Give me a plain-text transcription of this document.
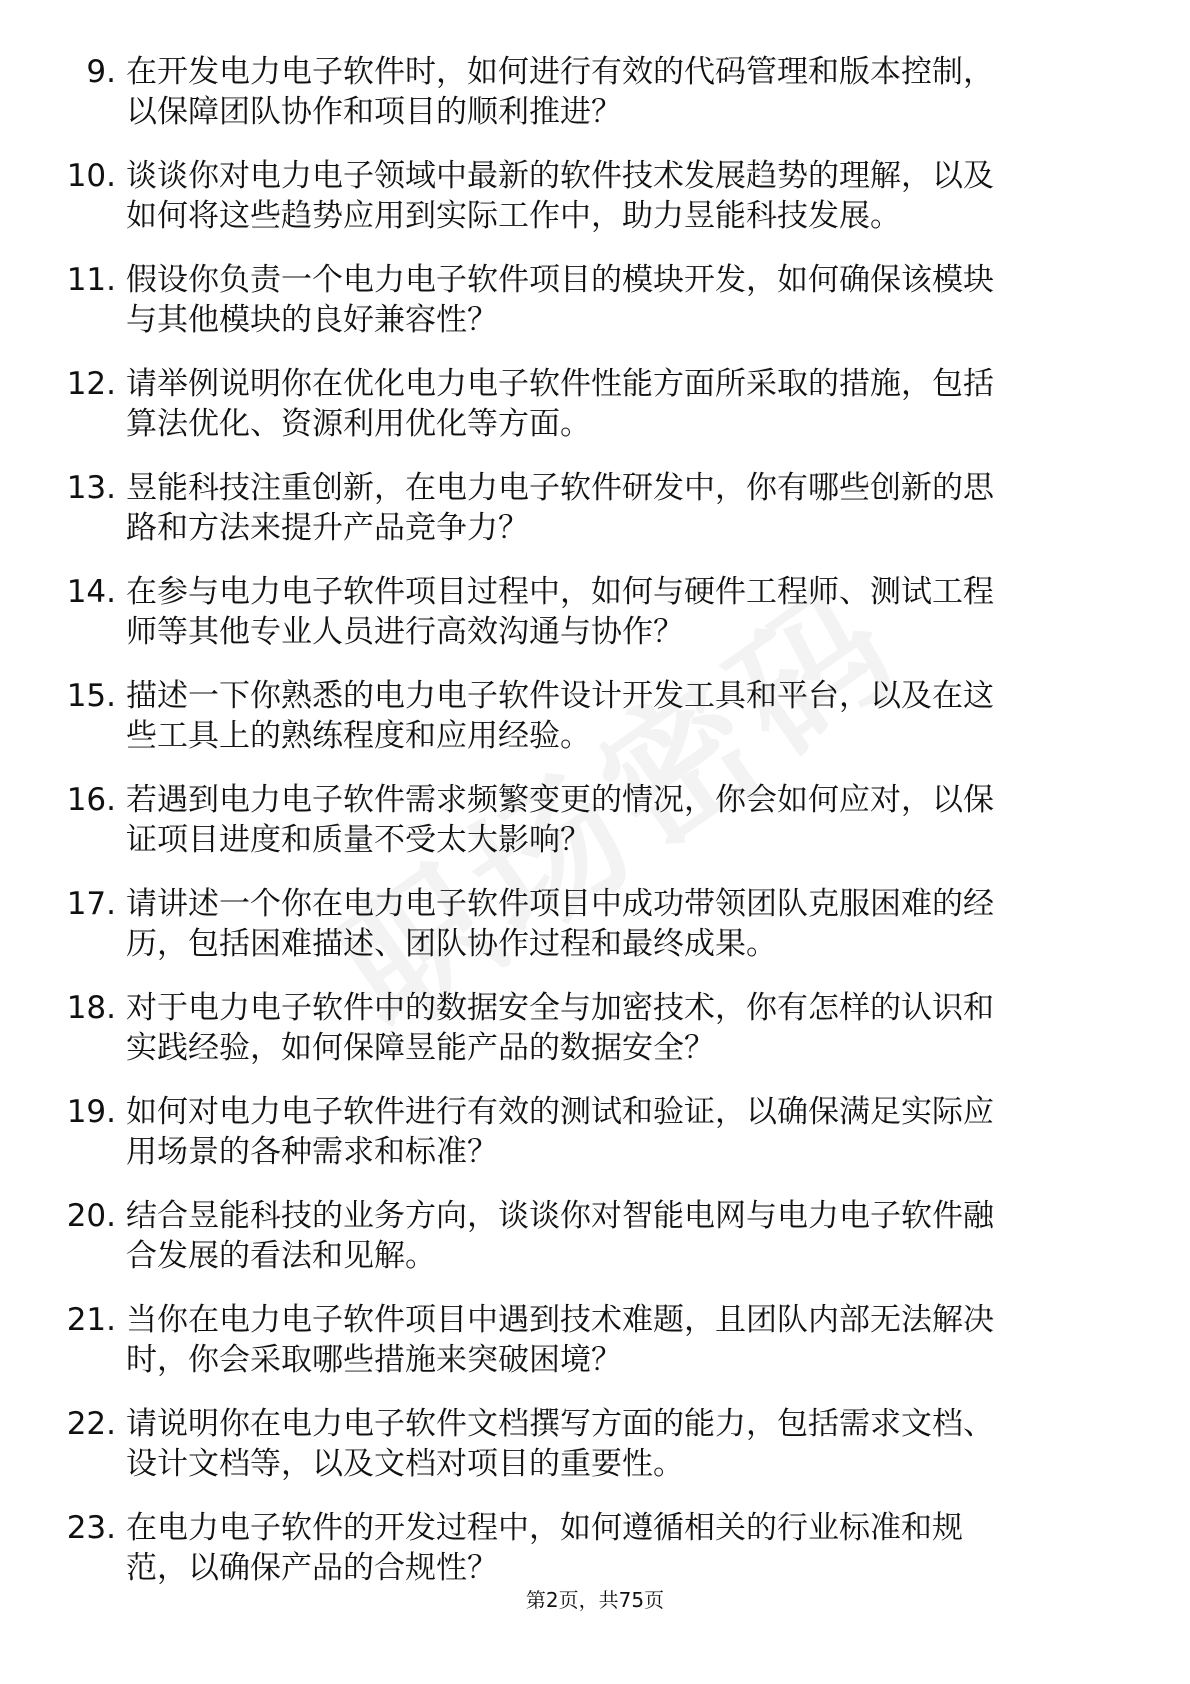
9. 在开发电力电子软件时，如何进行有效的代码管理和版本控制，
以保障团队协作和项目的顺利推进？
10. 谈谈你对电力电子领域中最新的软件技术发展趋势的理解，以及
如何将这些趋势应用到实际工作中，助力昱能科技发展。
11. 假设你负责一个电力电子软件项目的模块开发，如何确保该模块
与其他模块的良好兼容性？
12. 请举例说明你在优化电力电子软件性能方面所采取的措施，包括
算法优化、资源利用优化等方面。
13. 昱能科技注重创新，在电力电子软件研发中，你有哪些创新的思
路和方法来提升产品竞争力？
14. 在参与电力电子软件项目过程中，如何与硬件工程师、测试工程
师等其他专业人员进行高效沟通与协作？
15. 描述一下你熟悉的电力电子软件设计开发工具和平台，以及在这
些工具上的熟练程度和应用经验。
16. 若遇到电力电子软件需求频繁变更的情况，你会如何应对，以保
证项目进度和质量不受太大影响？
17. 请讲述一个你在电力电子软件项目中成功带领团队克服困难的经
历，包括困难描述、团队协作过程和最终成果。
18. 对于电力电子软件中的数据安全与加密技术，你有怎样的认识和
实践经验，如何保障昱能产品的数据安全？
19. 如何对电力电子软件进行有效的测试和验证，以确保满足实际应
用场景的各种需求和标准？
20. 结合昱能科技的业务方向，谈谈你对智能电网与电力电子软件融
合发展的看法和见解。
21. 当你在电力电子软件项目中遇到技术难题，且团队内部无法解决
时，你会采取哪些措施来突破困境？
22. 请说明你在电力电子软件文档撰写方面的能力，包括需求文档、
设计文档等，以及文档对项目的重要性。
23. 在电力电子软件的开发过程中，如何遵循相关的行业标准和规
范，以确保产品的合规性？
第2页，共75页
